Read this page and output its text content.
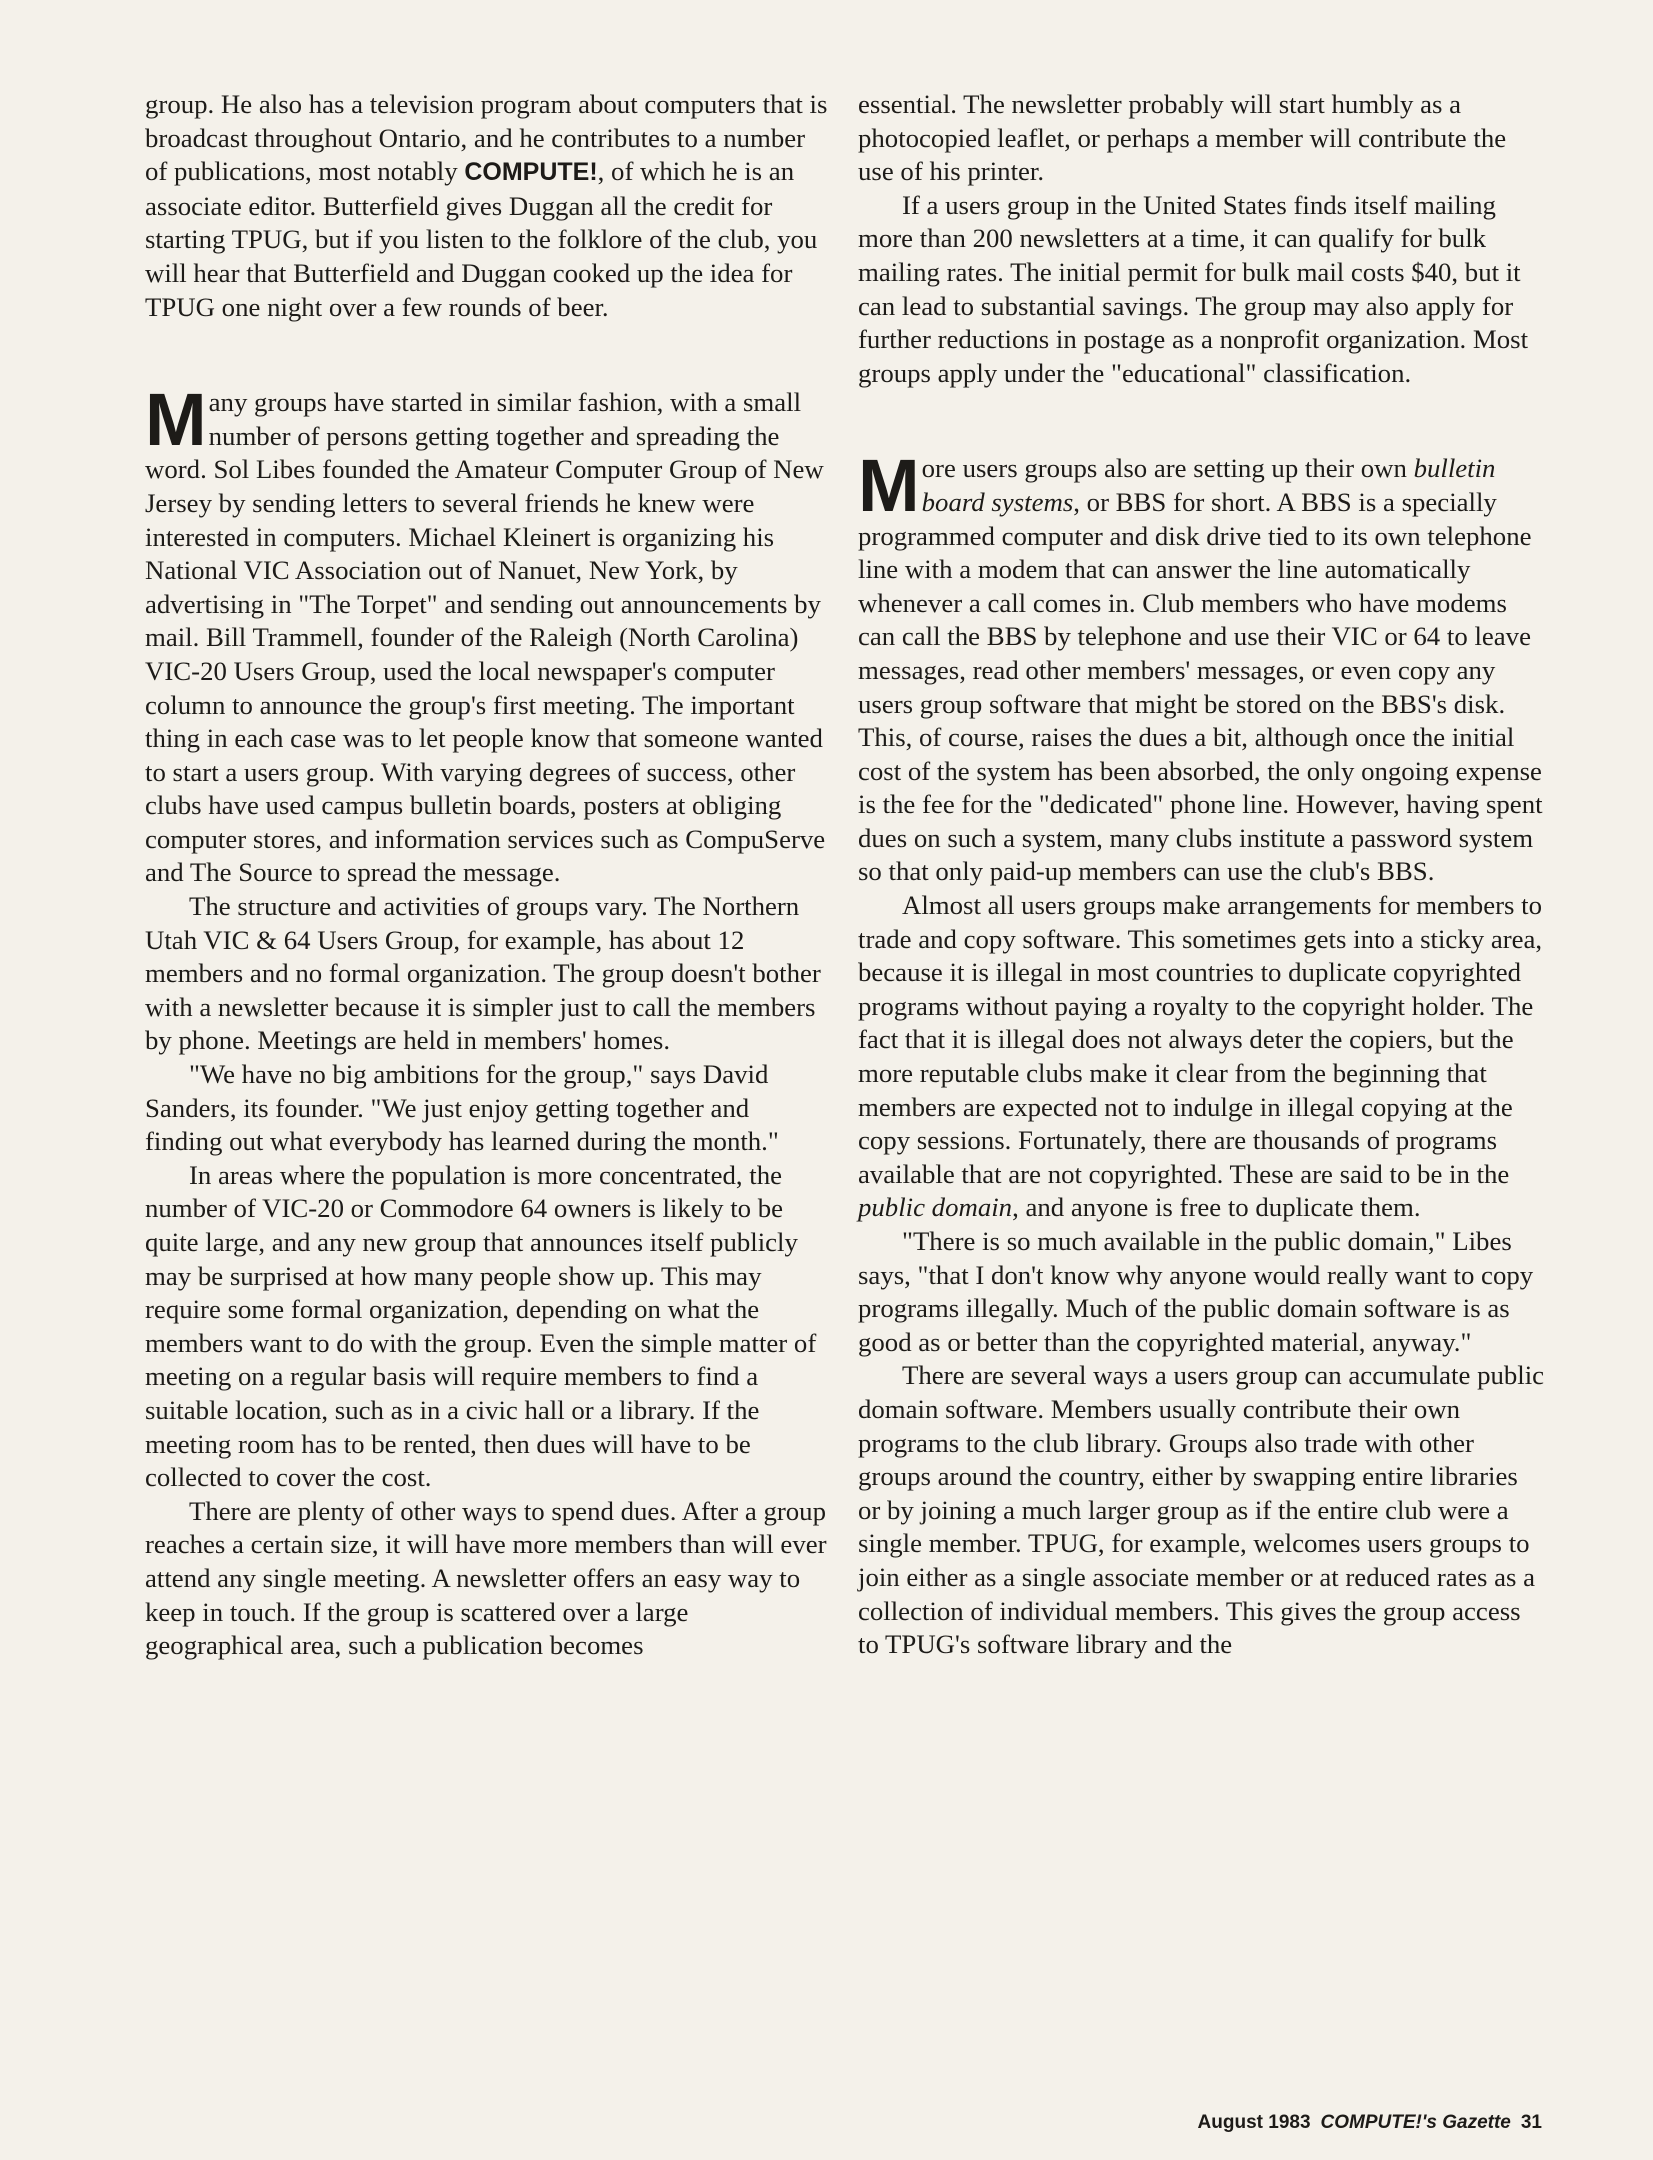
group. He also has a television program about computers that is broadcast throughout Ontario, and he contributes to a number of publications, most notably COMPUTE!, of which he is an associate editor. Butterfield gives Duggan all the credit for starting TPUG, but if you listen to the folklore of the club, you will hear that Butterfield and Duggan cooked up the idea for TPUG one night over a few rounds of beer.

Many groups have started in similar fashion, with a small number of persons getting together and spreading the word. Sol Libes founded the Amateur Computer Group of New Jersey by sending letters to several friends he knew were interested in computers. Michael Kleinert is organizing his National VIC Association out of Nanuet, New York, by advertising in "The Torpet" and sending out announcements by mail. Bill Trammell, founder of the Raleigh (North Carolina) VIC-20 Users Group, used the local newspaper's computer column to announce the group's first meeting. The important thing in each case was to let people know that someone wanted to start a users group. With varying degrees of success, other clubs have used campus bulletin boards, posters at obliging computer stores, and information services such as CompuServe and The Source to spread the message.

The structure and activities of groups vary. The Northern Utah VIC & 64 Users Group, for example, has about 12 members and no formal organization. The group doesn't bother with a newsletter because it is simpler just to call the members by phone. Meetings are held in members' homes.

"We have no big ambitions for the group," says David Sanders, its founder. "We just enjoy getting together and finding out what everybody has learned during the month."

In areas where the population is more concentrated, the number of VIC-20 or Commodore 64 owners is likely to be quite large, and any new group that announces itself publicly may be surprised at how many people show up. This may require some formal organization, depending on what the members want to do with the group. Even the simple matter of meeting on a regular basis will require members to find a suitable location, such as in a civic hall or a library. If the meeting room has to be rented, then dues will have to be collected to cover the cost.

There are plenty of other ways to spend dues. After a group reaches a certain size, it will have more members than will ever attend any single meeting. A newsletter offers an easy way to keep in touch. If the group is scattered over a large geographical area, such a publication becomes

essential. The newsletter probably will start humbly as a photocopied leaflet, or perhaps a member will contribute the use of his printer.

If a users group in the United States finds itself mailing more than 200 newsletters at a time, it can qualify for bulk mailing rates. The initial permit for bulk mail costs $40, but it can lead to substantial savings. The group may also apply for further reductions in postage as a nonprofit organization. Most groups apply under the "educational" classification.

More users groups also are setting up their own bulletin board systems, or BBS for short. A BBS is a specially programmed computer and disk drive tied to its own telephone line with a modem that can answer the line automatically whenever a call comes in. Club members who have modems can call the BBS by telephone and use their VIC or 64 to leave messages, read other members' messages, or even copy any users group software that might be stored on the BBS's disk. This, of course, raises the dues a bit, although once the initial cost of the system has been absorbed, the only ongoing expense is the fee for the "dedicated" phone line. However, having spent dues on such a system, many clubs institute a password system so that only paid-up members can use the club's BBS.

Almost all users groups make arrangements for members to trade and copy software. This sometimes gets into a sticky area, because it is illegal in most countries to duplicate copyrighted programs without paying a royalty to the copyright holder. The fact that it is illegal does not always deter the copiers, but the more reputable clubs make it clear from the beginning that members are expected not to indulge in illegal copying at the copy sessions. Fortunately, there are thousands of programs available that are not copyrighted. These are said to be in the public domain, and anyone is free to duplicate them.

"There is so much available in the public domain," Libes says, "that I don't know why anyone would really want to copy programs illegally. Much of the public domain software is as good as or better than the copyrighted material, anyway."

There are several ways a users group can accumulate public domain software. Members usually contribute their own programs to the club library. Groups also trade with other groups around the country, either by swapping entire libraries or by joining a much larger group as if the entire club were a single member. TPUG, for example, welcomes users groups to join either as a single associate member or at reduced rates as a collection of individual members. This gives the group access to TPUG's software library and the

August 1983 COMPUTE!'s Gazette 31
